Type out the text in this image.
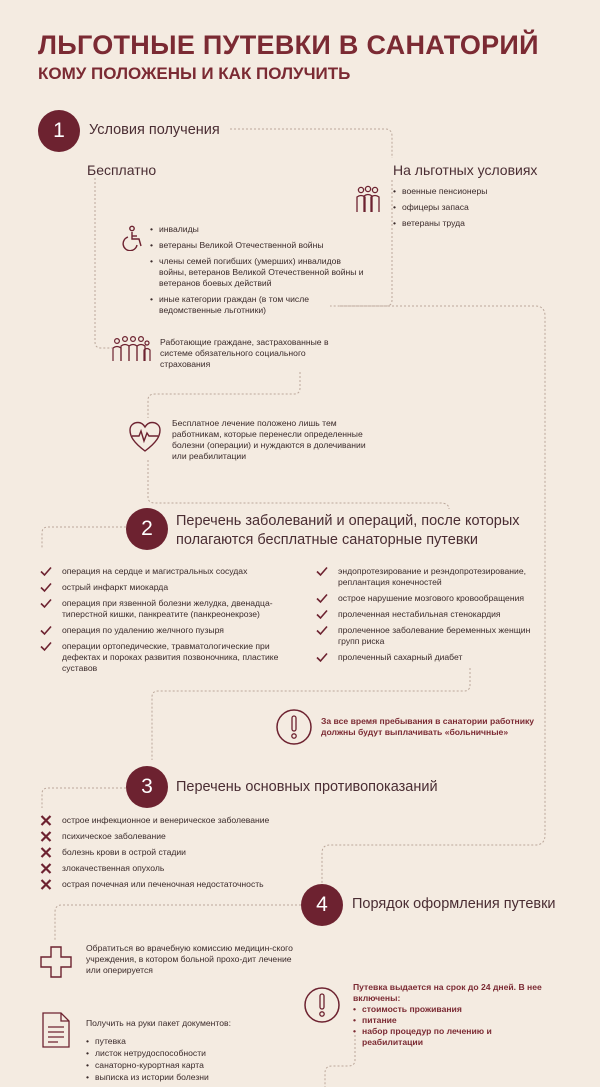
ЛЬГОТНЫЕ ПУТЕВКИ В САНАТОРИЙ
КОМУ ПОЛОЖЕНЫ И КАК ПОЛУЧИТЬ
1	Условия получения
Бесплатно	На льготных условиях
• военные пенсионеры
• офицеры запаса
• ветераны труда
• инвалиды
• ветераны Великой Отечественной войны
• члены семей погибших (умерших) инвалидов войны, ветеранов Великой Отечественной войны и ветеранов боевых действий
• иные категории граждан (в том числе ведомственные льготники)
Работающие граждане, застрахованные в системе обязательного социального страхования
Бесплатное лечение положено лишь тем работникам, которые перенесли определенные болезни (операции) и нуждаются в долечивании или реабилитации
2	Перечень заболеваний и операций, после которых полагаются бесплатные санаторные путевки
операция на сердце и магистральных сосудах
острый инфаркт миокарда
операция при язвенной болезни желудка, двенадца-типерстной кишки, панкреатите (панкреонекрозе)
операция по удалению желчного пузыря
операции ортопедические, травматологические при дефектах и пороках развития позвоночника, пластике суставов
эндопротезирование и реэндопротезирование, реплантация конечностей
острое нарушение мозгового кровообращения
пролеченная нестабильная стенокардия
пролеченное заболевание беременных женщин групп риска
пролеченный сахарный диабет
За все время пребывания в санатории работнику должны будут выплачивать «больничные»
3	Перечень основных противопоказаний
острое инфекционное и венерическое заболевание
психическое заболевание
болезнь крови в острой стадии
злокачественная опухоль
острая почечная или печеночная недостаточность
4	Порядок оформления путевки
Обратиться во врачебную комиссию медицин-ского учреждения, в котором больной прохо-дит лечение или оперируется
Путевка выдается на срок до 24 дней. В нее включены:
• стоимость проживания
• питание
• набор процедур по лечению и реабилитации
Получить на руки пакет документов:
• путевка
• листок нетрудоспособности
• санаторно-курортная карта
• выписка из истории болезни
